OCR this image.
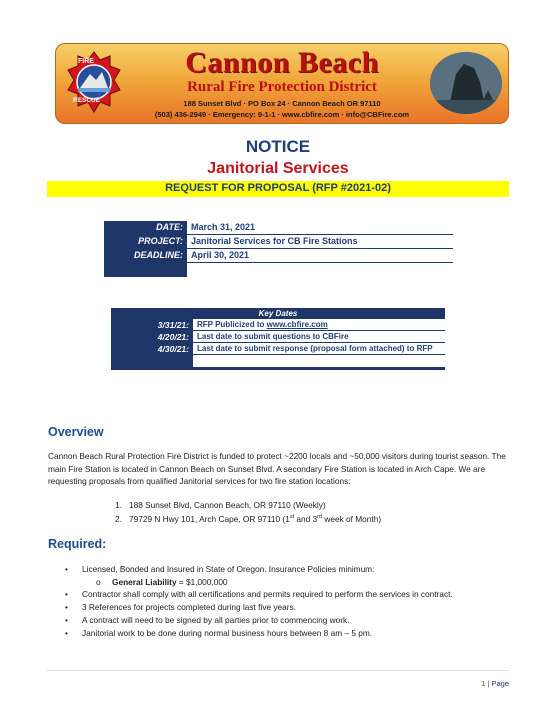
FIRE
RESCUE
Cannon Beach
Rural Fire Protection District
188 Sunset Blvd · PO Box 24 · Cannon Beach OR 97110
(503) 436-2949 · Emergency: 9-1-1 · www.cbfire.com · info@CBFire.com
NOTICE
Janitorial Services
REQUEST FOR PROPOSAL (RFP #2021-02)
DATE: March 31, 2021
PROJECT: Janitorial Services for CB Fire Stations
DEADLINE: April 30, 2021
Key Dates
3/31/21: RFP Publicized to www.cbfire.com
4/20/21: Last date to submit questions to CBFire
4/30/21: Last date to submit response (proposal form attached) to RFP
Overview
Cannon Beach Rural Protection Fire District is funded to protect ~2200 locals and ~50,000 visitors during tourist season. The main Fire Station is located in Cannon Beach on Sunset Blvd. A secondary Fire Station is located in Arch Cape. We are requesting proposals from qualified Janitorial services for two fire station locations:
1. 188 Sunset Blvd, Cannon Beach, OR 97110 (Weekly)
2. 79729 N Hwy 101, Arch Cape, OR 97110 (1st and 3rd week of Month)
Required:
• Licensed, Bonded and Insured in State of Oregon. Insurance Policies minimum:
o General Liability = $1,000,000
• Contractor shall comply with all certifications and permits required to perform the services in contract.
• 3 References for projects completed during last five years.
• A contract will need to be signed by all parties prior to commencing work.
• Janitorial work to be done during normal business hours between 8 am – 5 pm.
1 | Page
